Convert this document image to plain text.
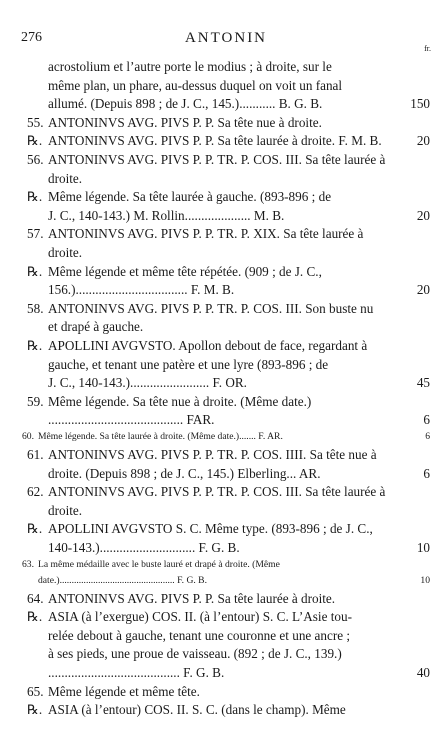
276	ANTONIN
fr.
acrostolium et l’autre porte le modius ; à droite, sur le
même plan, un phare, au-dessus duquel on voit un fanal
allumé. (Depuis 898 ; de J. C., 145.)........... B. G. B.	150
55. ANTONINVS AVG. PIVS P. P. Sa tête nue à droite.
℞. ANTONINVS AVG. PIVS P. P. Sa tête laurée à droite. F. M. B.	20
56. ANTONINVS AVG. PIVS P. P. TR. P. COS. III. Sa tête laurée à
droite.
℞. Même légende. Sa tête laurée à gauche. (893-896 ; de
J. C., 140-143.) M. Rollin.................... M. B.	20
57. ANTONINVS AVG. PIVS P. P. TR. P. XIX. Sa tête laurée à
droite.
℞. Même légende et même tête répétée. (909 ; de J. C.,
156.).................................. F. M. B.	20
58. ANTONINVS AVG. PIVS P. P. TR. P. COS. III. Son buste nu
et drapé à gauche.
℞. APOLLINI AVGVSTO. Apollon debout de face, regardant à
gauche, et tenant une patère et une lyre (893-896 ; de
J. C., 140-143.)........................ F. OR.	45
59. Même légende. Sa tête nue à droite. (Même date.)
......................................... FAR.	6
60. Même légende. Sa tête laurée à droite. (Même date.)....... F. AR.	6
61. ANTONINVS AVG. PIVS P. P. TR. P. COS. IIII. Sa tête nue à
droite. (Depuis 898 ; de J. C., 145.) Elberling... AR.	6
62. ANTONINVS AVG. PIVS P. P. TR. P. COS. III. Sa tête laurée à
droite.
℞. APOLLINI AVGVSTO S. C. Même type. (893-896 ; de J. C.,
140-143.)............................. F. G. B.	10
63. La même médaille avec le buste lauré et drapé à droite. (Même
date.)................................................ F. G. B.	10
64. ANTONINVS AVG. PIVS P. P. Sa tête laurée à droite.
℞. ASIA (à l’exergue) COS. II. (à l’entour) S. C. L’Asie tou-
relée debout à gauche, tenant une couronne et une ancre ;
à ses pieds, une proue de vaisseau. (892 ; de J. C., 139.)
........................................ F. G. B.	40
65. Même légende et même tête.
℞. ASIA (à l’entour) COS. II. S. C. (dans le champ). Même
